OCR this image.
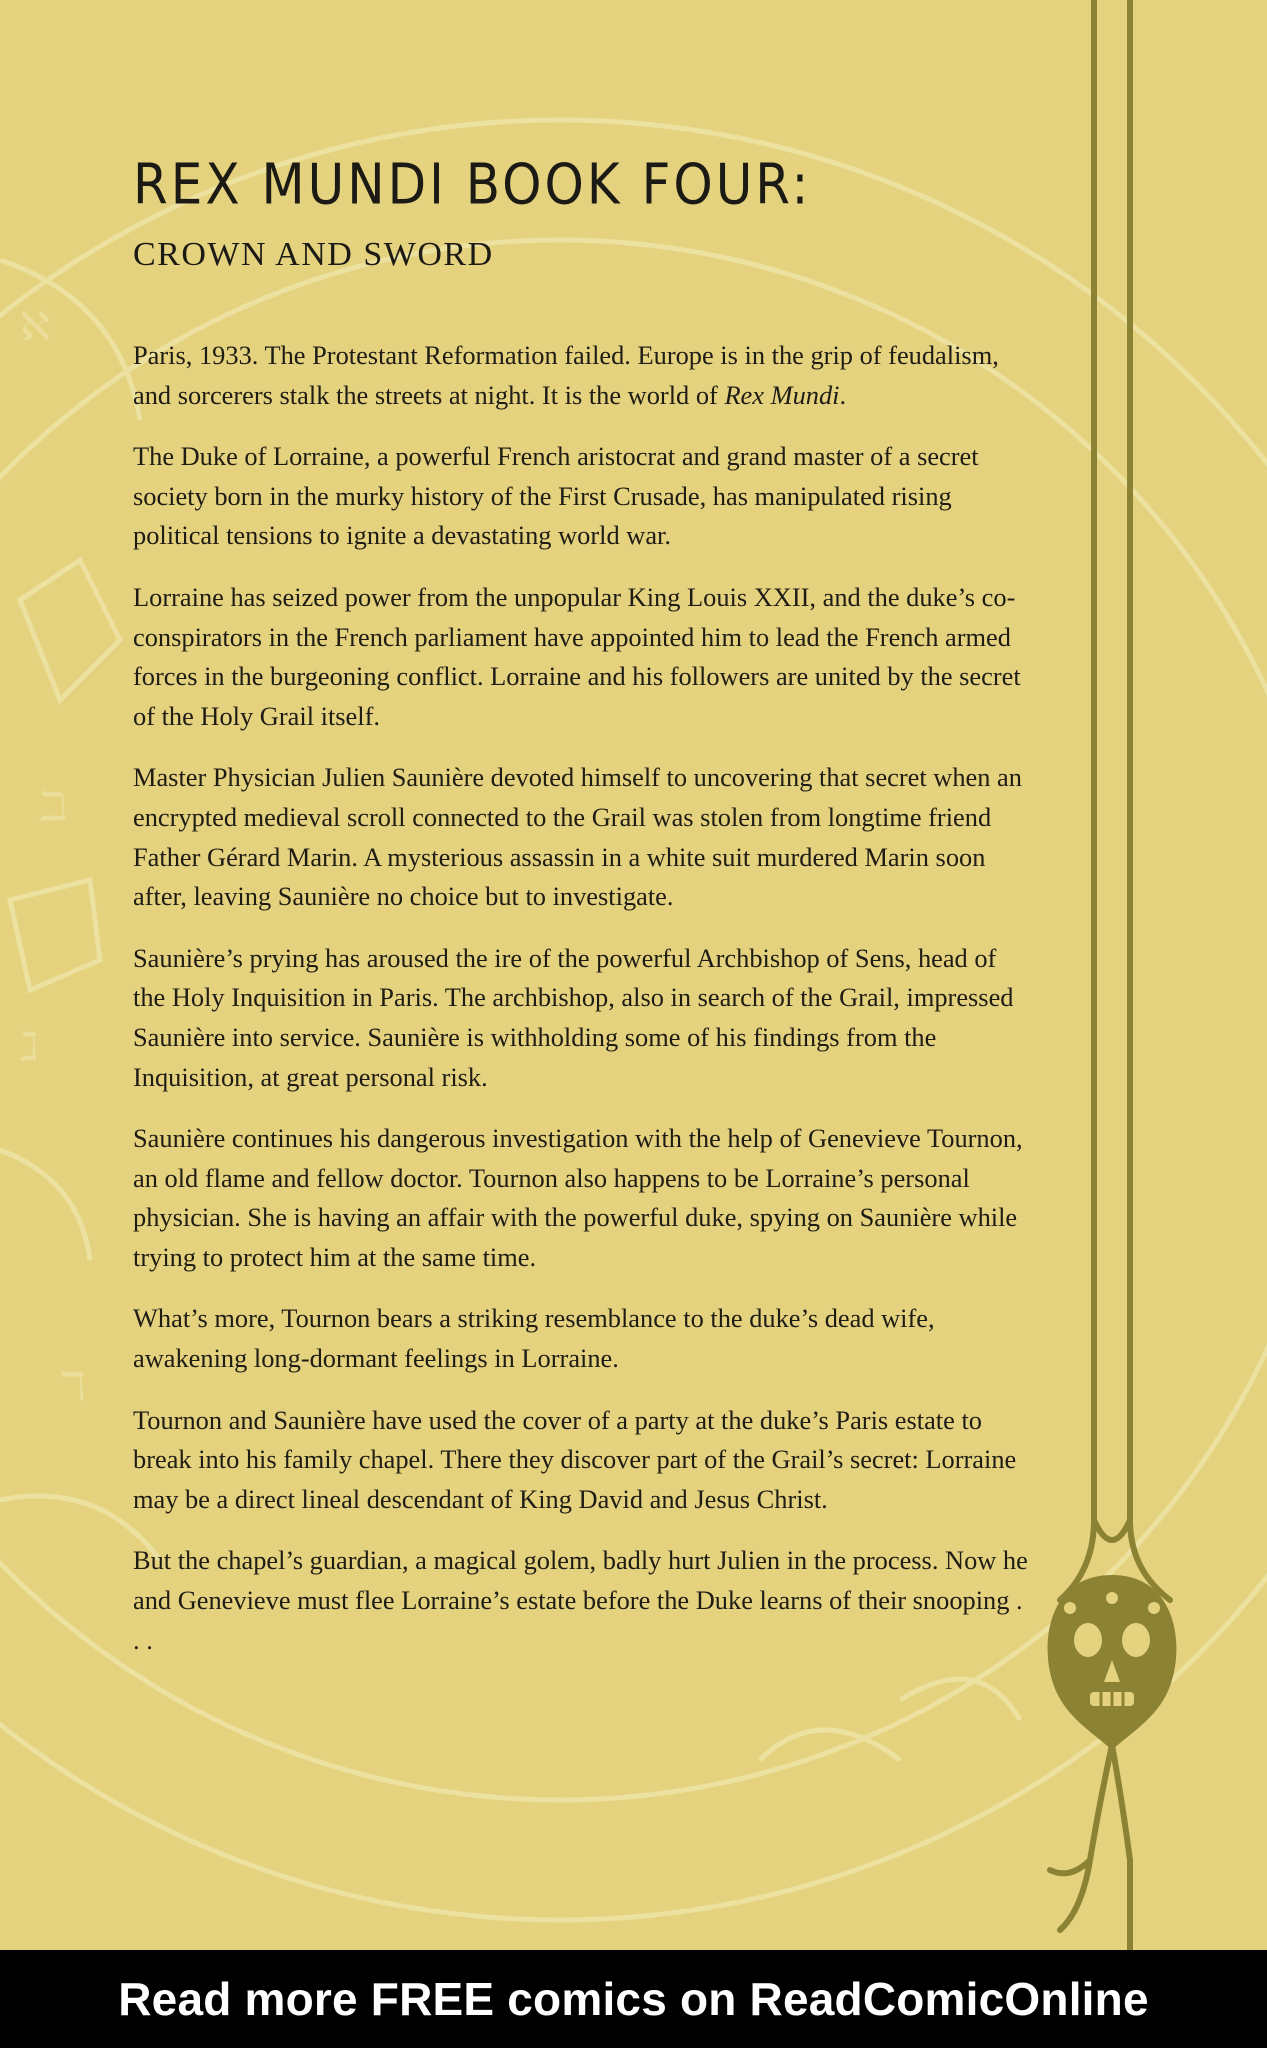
ℵ
ℶ
ℷ
ℸ
REX MUNDI BOOK FOUR:
CROWN AND SWORD

Paris, 1933. The Protestant Reformation failed. Europe is in the grip of feudalism, and sorcerers stalk the streets at night. It is the world of Rex Mundi.

The Duke of Lorraine, a powerful French aristocrat and grand master of a secret society born in the murky history of the First Crusade, has manipulated rising political tensions to ignite a devastating world war.

Lorraine has seized power from the unpopular King Louis XXII, and the duke’s co-conspirators in the French parliament have appointed him to lead the French armed forces in the burgeoning conflict. Lorraine and his followers are united by the secret of the Holy Grail itself.

Master Physician Julien Saunière devoted himself to uncovering that secret when an encrypted medieval scroll connected to the Grail was stolen from longtime friend Father Gérard Marin. A mysterious assassin in a white suit murdered Marin soon after, leaving Saunière no choice but to investigate.

Saunière’s prying has aroused the ire of the powerful Archbishop of Sens, head of the Holy Inquisition in Paris. The archbishop, also in search of the Grail, impressed Saunière into service. Saunière is withholding some of his findings from the Inquisition, at great personal risk.

Saunière continues his dangerous investigation with the help of Genevieve Tournon, an old flame and fellow doctor. Tournon also happens to be Lorraine’s personal physician. She is having an affair with the powerful duke, spying on Saunière while trying to protect him at the same time.

What’s more, Tournon bears a striking resemblance to the duke’s dead wife, awakening long-dormant feelings in Lorraine.

Tournon and Saunière have used the cover of a party at the duke’s Paris estate to break into his family chapel. There they discover part of the Grail’s secret: Lorraine may be a direct lineal descendant of King David and Jesus Christ.

But the chapel’s guardian, a magical golem, badly hurt Julien in the process. Now he and Genevieve must flee Lorraine’s estate before the Duke learns of their snooping . . .

Read more FREE comics on ReadComicOnline
